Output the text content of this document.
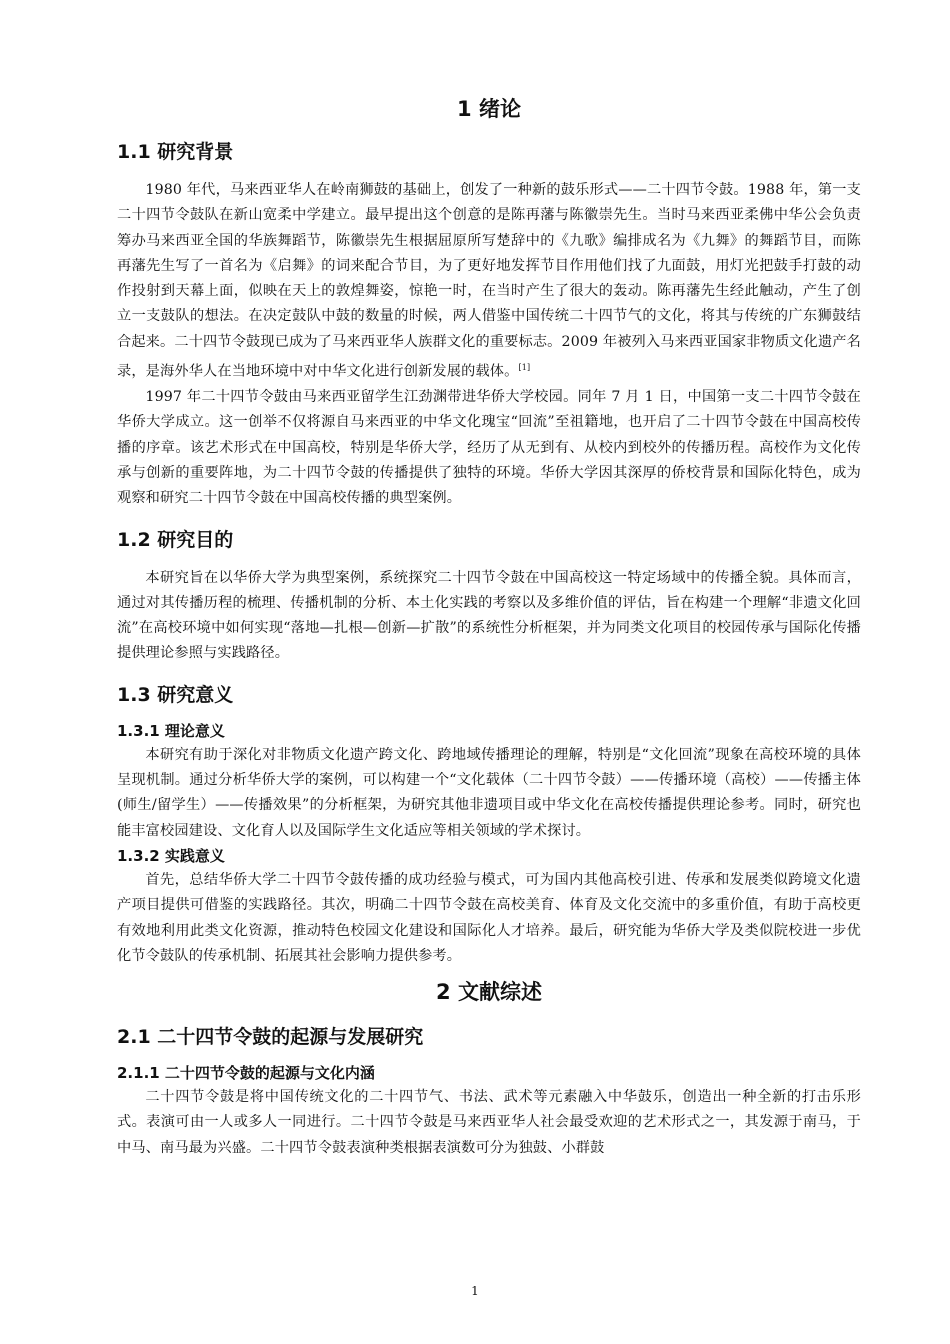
1 绪论
1.1 研究背景

1980 年代，马来西亚华人在岭南狮鼓的基础上，创发了一种新的鼓乐形式——二十四节令鼓。1988 年，第一支二十四节令鼓队在新山宽柔中学建立。最早提出这个创意的是陈再藩与陈徽崇先生。当时马来西亚柔佛中华公会负责筹办马来西亚全国的华族舞蹈节，陈徽崇先生根据屈原所写楚辞中的《九歌》编排成名为《九舞》的舞蹈节目，而陈再藩先生写了一首名为《启舞》的词来配合节目，为了更好地发挥节目作用他们找了九面鼓，用灯光把鼓手打鼓的动作投射到天幕上面，似映在天上的敦煌舞姿，惊艳一时，在当时产生了很大的轰动。陈再藩先生经此触动，产生了创立一支鼓队的想法。在决定鼓队中鼓的数量的时候，两人借鉴中国传统二十四节气的文化，将其与传统的广东狮鼓结合起来。二十四节令鼓现已成为了马来西亚华人族群文化的重要标志。2009 年被列入马来西亚国家非物质文化遗产名录，是海外华人在当地环境中对中华文化进行创新发展的载体。[1]

1997 年二十四节令鼓由马来西亚留学生江劲渊带进华侨大学校园。同年 7 月 1 日，中国第一支二十四节令鼓在华侨大学成立。这一创举不仅将源自马来西亚的中华文化瑰宝“回流”至祖籍地，也开启了二十四节令鼓在中国高校传播的序章。该艺术形式在中国高校，特别是华侨大学，经历了从无到有、从校内到校外的传播历程。高校作为文化传承与创新的重要阵地，为二十四节令鼓的传播提供了独特的环境。华侨大学因其深厚的侨校背景和国际化特色，成为观察和研究二十四节令鼓在中国高校传播的典型案例。

1.2 研究目的

本研究旨在以华侨大学为典型案例，系统探究二十四节令鼓在中国高校这一特定场域中的传播全貌。具体而言，通过对其传播历程的梳理、传播机制的分析、本土化实践的考察以及多维价值的评估，旨在构建一个理解“非遗文化回流”在高校环境中如何实现“落地—扎根—创新—扩散”的系统性分析框架，并为同类文化项目的校园传承与国际化传播提供理论参照与实践路径。

1.3 研究意义
1.3.1 理论意义

本研究有助于深化对非物质文化遗产跨文化、跨地域传播理论的理解，特别是“文化回流”现象在高校环境的具体呈现机制。通过分析华侨大学的案例，可以构建一个“文化载体（二十四节令鼓）——传播环境（高校）——传播主体(师生/留学生）——传播效果”的分析框架，为研究其他非遗项目或中华文化在高校传播提供理论参考。同时，研究也能丰富校园建设、文化育人以及国际学生文化适应等相关领域的学术探讨。

1.3.2 实践意义

首先，总结华侨大学二十四节令鼓传播的成功经验与模式，可为国内其他高校引进、传承和发展类似跨境文化遗产项目提供可借鉴的实践路径。其次，明确二十四节令鼓在高校美育、体育及文化交流中的多重价值，有助于高校更有效地利用此类文化资源，推动特色校园文化建设和国际化人才培养。最后，研究能为华侨大学及类似院校进一步优化节令鼓队的传承机制、拓展其社会影响力提供参考。

2 文献综述
2.1 二十四节令鼓的起源与发展研究
2.1.1 二十四节令鼓的起源与文化内涵

二十四节令鼓是将中国传统文化的二十四节气、书法、武术等元素融入中华鼓乐，创造出一种全新的打击乐形式。表演可由一人或多人一同进行。二十四节令鼓是马来西亚华人社会最受欢迎的艺术形式之一，其发源于南马，于中马、南马最为兴盛。二十四节令鼓表演种类根据表演数可分为独鼓、小群鼓

1
